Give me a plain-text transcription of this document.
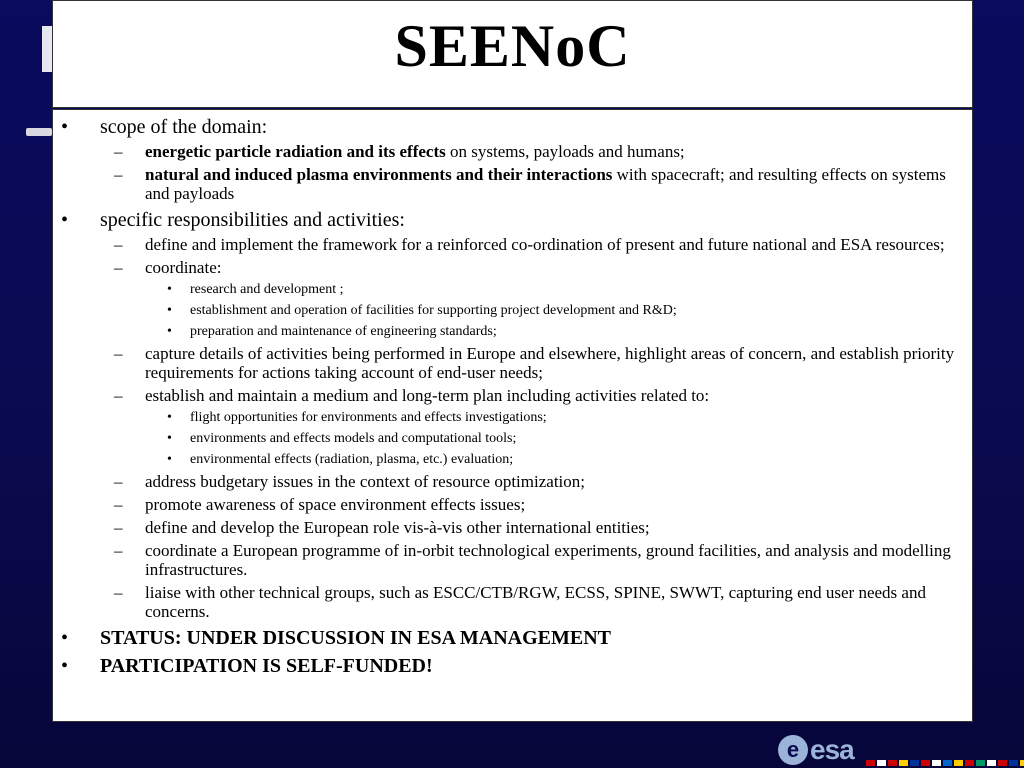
SEENoC
• scope of the domain:
– energetic particle radiation and its effects on systems, payloads and humans;
– natural and induced plasma environments and their interactions with spacecraft; and resulting effects on systems and payloads
• specific responsibilities and activities:
– define and implement the framework for a reinforced co-ordination of present and future national and ESA resources;
– coordinate:
• research and development ;
• establishment and operation of facilities for supporting project development and R&D;
• preparation and maintenance of engineering standards;
– capture details of activities being performed in Europe and elsewhere, highlight areas of concern, and establish priority requirements for actions taking account of end-user needs;
– establish and maintain a medium and long-term plan including activities related to:
• flight opportunities for environments and effects investigations;
• environments and effects models and computational tools;
• environmental effects (radiation, plasma, etc.) evaluation;
– address budgetary issues in the context of resource optimization;
– promote awareness of space environment effects issues;
– define and develop the European role vis-à-vis other international entities;
– coordinate a European programme of in-orbit technological experiments, ground facilities, and analysis and modelling infrastructures.
– liaise with other technical groups, such as ESCC/CTB/RGW, ECSS, SPINE, SWWT, capturing end user needs and concerns.
• STATUS: UNDER DISCUSSION IN ESA MANAGEMENT
• PARTICIPATION IS SELF-FUNDED!
e esa
